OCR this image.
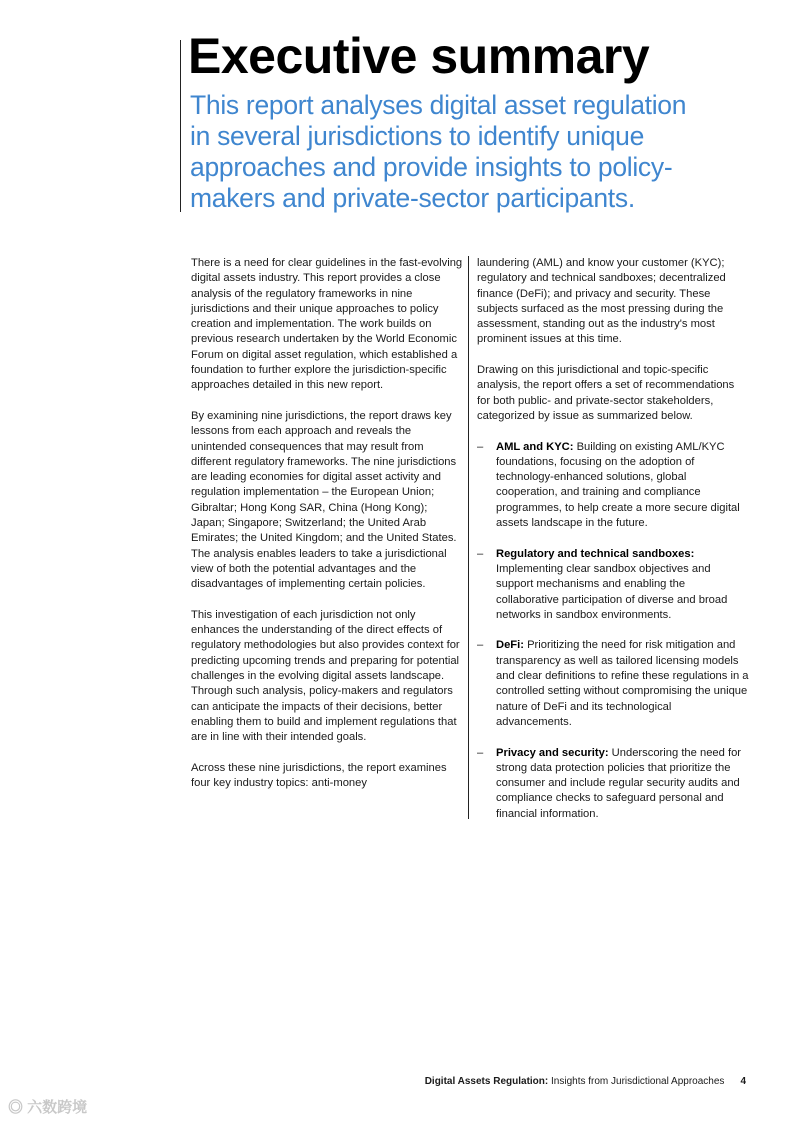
Executive summary

This report analyses digital asset regulation in several jurisdictions to identify unique approaches and provide insights to policy-makers and private-sector participants.

There is a need for clear guidelines in the fast-evolving digital assets industry. This report provides a close analysis of the regulatory frameworks in nine jurisdictions and their unique approaches to policy creation and implementation. The work builds on previous research undertaken by the World Economic Forum on digital asset regulation, which established a foundation to further explore the jurisdiction-specific approaches detailed in this new report.

By examining nine jurisdictions, the report draws key lessons from each approach and reveals the unintended consequences that may result from different regulatory frameworks. The nine jurisdictions are leading economies for digital asset activity and regulation implementation – the European Union; Gibraltar; Hong Kong SAR, China (Hong Kong); Japan; Singapore; Switzerland; the United Arab Emirates; the United Kingdom; and the United States. The analysis enables leaders to take a jurisdictional view of both the potential advantages and the disadvantages of implementing certain policies.

This investigation of each jurisdiction not only enhances the understanding of the direct effects of regulatory methodologies but also provides context for predicting upcoming trends and preparing for potential challenges in the evolving digital assets landscape. Through such analysis, policy-makers and regulators can anticipate the impacts of their decisions, better enabling them to build and implement regulations that are in line with their intended goals.

Across these nine jurisdictions, the report examines four key industry topics: anti-money

laundering (AML) and know your customer (KYC); regulatory and technical sandboxes; decentralized finance (DeFi); and privacy and security. These subjects surfaced as the most pressing during the assessment, standing out as the industry's most prominent issues at this time.

Drawing on this jurisdictional and topic-specific analysis, the report offers a set of recommendations for both public- and private-sector stakeholders, categorized by issue as summarized below.

– AML and KYC: Building on existing AML/KYC foundations, focusing on the adoption of technology-enhanced solutions, global cooperation, and training and compliance programmes, to help create a more secure digital assets landscape in the future.
– Regulatory and technical sandboxes: Implementing clear sandbox objectives and support mechanisms and enabling the collaborative participation of diverse and broad networks in sandbox environments.
– DeFi: Prioritizing the need for risk mitigation and transparency as well as tailored licensing models and clear definitions to refine these regulations in a controlled setting without compromising the unique nature of DeFi and its technological advancements.
– Privacy and security: Underscoring the need for strong data protection policies that prioritize the consumer and include regular security audits and compliance checks to safeguard personal and financial information.
Digital Assets Regulation: Insights from Jurisdictional Approaches 4
◎ 六数跨境
